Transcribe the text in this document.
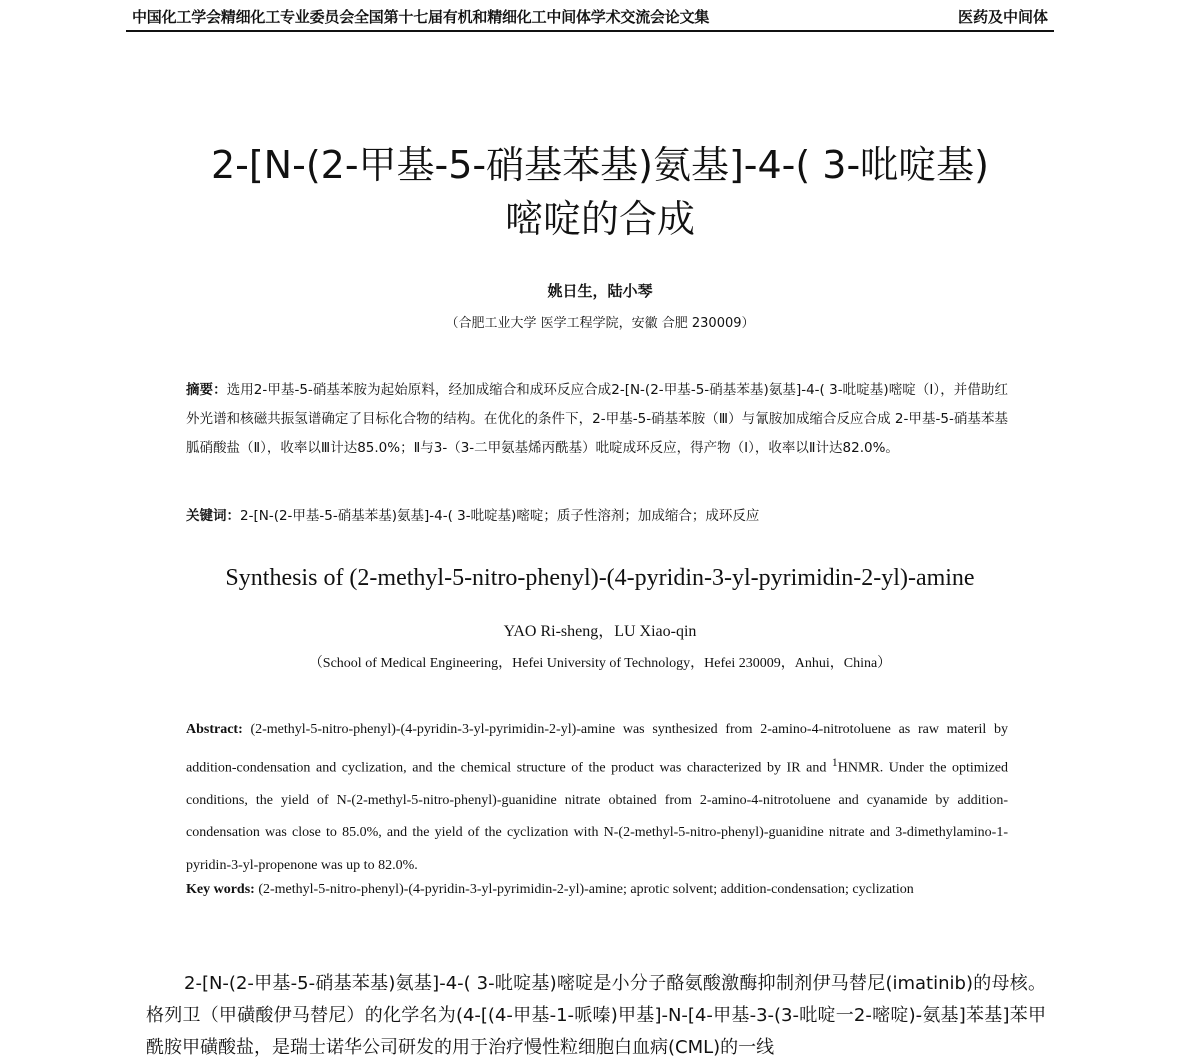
中国化工学会精细化工专业委员会全国第十七届有机和精细化工中间体学术交流会论文集	医药及中间体
2-[N-(2-甲基-5-硝基苯基)氨基]-4-( 3-吡啶基)
嘧啶的合成
姚日生，陆小琴
（合肥工业大学 医学工程学院，安徽 合肥 230009）
摘要：选用2-甲基-5-硝基苯胺为起始原料，经加成缩合和成环反应合成2-[N-(2-甲基-5-硝基苯基)氨基]-4-( 3-吡啶基)嘧啶（Ⅰ），并借助红外光谱和核磁共振氢谱确定了目标化合物的结构。在优化的条件下，2-甲基-5-硝基苯胺（Ⅲ）与氰胺加成缩合反应合成 2-甲基-5-硝基苯基胍硝酸盐（Ⅱ），收率以Ⅲ计达85.0%；Ⅱ与3-（3-二甲氨基烯丙酰基）吡啶成环反应，得产物（Ⅰ），收率以Ⅱ计达82.0%。
关键词：2-[N-(2-甲基-5-硝基苯基)氨基]-4-( 3-吡啶基)嘧啶；质子性溶剂；加成缩合；成环反应
Synthesis of (2-methyl-5-nitro-phenyl)-(4-pyridin-3-yl-pyrimidin-2-yl)-amine
YAO Ri-sheng，LU Xiao-qin
（School of Medical Engineering，Hefei University of Technology，Hefei 230009，Anhui，China）
Abstract: (2-methyl-5-nitro-phenyl)-(4-pyridin-3-yl-pyrimidin-2-yl)-amine was synthesized from 2-amino-4-nitrotoluene as raw materil by addition-condensation and cyclization, and the chemical structure of the product was characterized by IR and $^1$HNMR. Under the optimized conditions, the yield of N-(2-methyl-5-nitro-phenyl)-guanidine nitrate obtained from 2-amino-4-nitrotoluene and cyanamide by addition-condensation was close to 85.0%, and the yield of the cyclization with N-(2-methyl-5-nitro-phenyl)-guanidine nitrate and 3-dimethylamino-1-pyridin-3-yl-propenone was up to 82.0%.
Key words: (2-methyl-5-nitro-phenyl)-(4-pyridin-3-yl-pyrimidin-2-yl)-amine; aprotic solvent; addition-condensation; cyclization
2-[N-(2-甲基-5-硝基苯基)氨基]-4-( 3-吡啶基)嘧啶是小分子酪氨酸激酶抑制剂伊马替尼(imatinib)的母核。格列卫（甲磺酸伊马替尼）的化学名为(4-[(4-甲基-1-哌嗪)甲基]-N-[4-甲基-3-(3-吡啶一2-嘧啶)-氨基]苯基]苯甲酰胺甲磺酸盐，是瑞士诺华公司研发的用于治疗慢性粒细胞白血病(CML)的一线
